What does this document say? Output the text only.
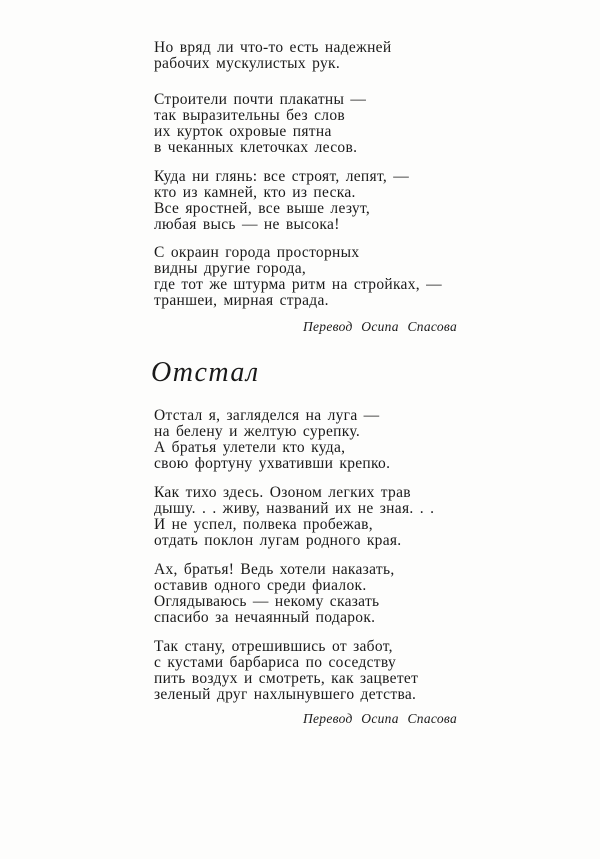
Но вряд ли что-то есть надежней
рабочих мускулистых рук.
Строители почти плакатны —
так выразительны без слов
их курток охровые пятна
в чеканных клеточках лесов.
Куда ни глянь: все строят, лепят, —
кто из камней, кто из песка.
Все яростней, все выше лезут,
любая высь — не высока!
С окраин города просторных
видны другие города,
где тот же штурма ритм на стройках, —
траншеи, мирная страда.
Перевод Осипа Спасова
Отстал
Отстал я, загляделся на луга —
на белену и желтую сурепку.
А братья улетели кто куда,
свою фортуну ухвативши крепко.
Как тихо здесь. Озоном легких трав
дышу. . . живу, названий их не зная. . .
И не успел, полвека пробежав,
отдать поклон лугам родного края.
Ах, братья! Ведь хотели наказать,
оставив одного среди фиалок.
Оглядываюсь — не́кому сказать
спасибо за нечаянный подарок.
Так стану, отрешившись от забот,
с кустами барбариса по соседству
пить воздух и смотреть, как зацветет
зеленый друг нахлынувшего детства.
Перевод Осипа Спасова
